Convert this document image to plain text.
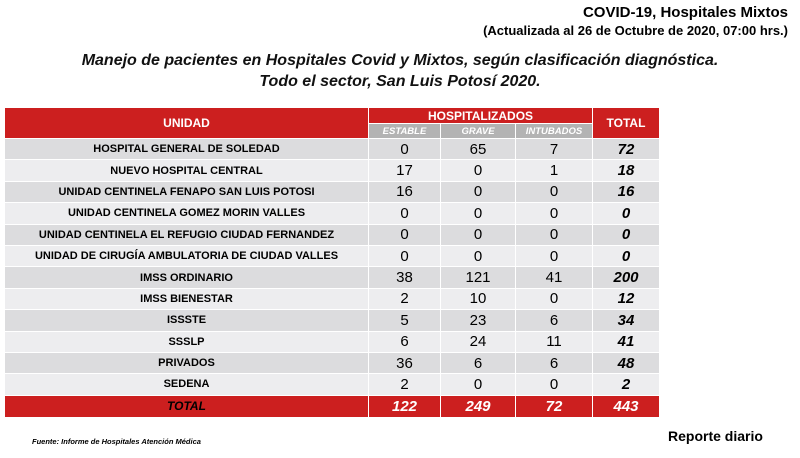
COVID-19, Hospitales Mixtos
(Actualizada al 26 de Octubre de 2020, 07:00 hrs.)
Manejo de pacientes en Hospitales Covid y Mixtos, según clasificación diagnóstica.
Todo el sector, San Luis Potosí 2020.
UNIDAD	HOSPITALIZADOS			TOTAL
	ESTABLE	GRAVE	INTUBADOS	
HOSPITAL GENERAL DE SOLEDAD	0	65	7	72
NUEVO HOSPITAL CENTRAL	17	0	1	18
UNIDAD CENTINELA FENAPO SAN LUIS POTOSI	16	0	0	16
UNIDAD CENTINELA GOMEZ MORIN VALLES	0	0	0	0
UNIDAD CENTINELA EL REFUGIO CIUDAD FERNANDEZ	0	0	0	0
UNIDAD DE CIRUGÍA AMBULATORIA DE CIUDAD VALLES	0	0	0	0
IMSS ORDINARIO	38	121	41	200
IMSS BIENESTAR	2	10	0	12
ISSSTE	5	23	6	34
SSSLP	6	24	11	41
PRIVADOS	36	6	6	48
SEDENA	2	0	0	2
TOTAL	122	249	72	443
Fuente: Informe de Hospitales Atención Médica	Reporte diario
